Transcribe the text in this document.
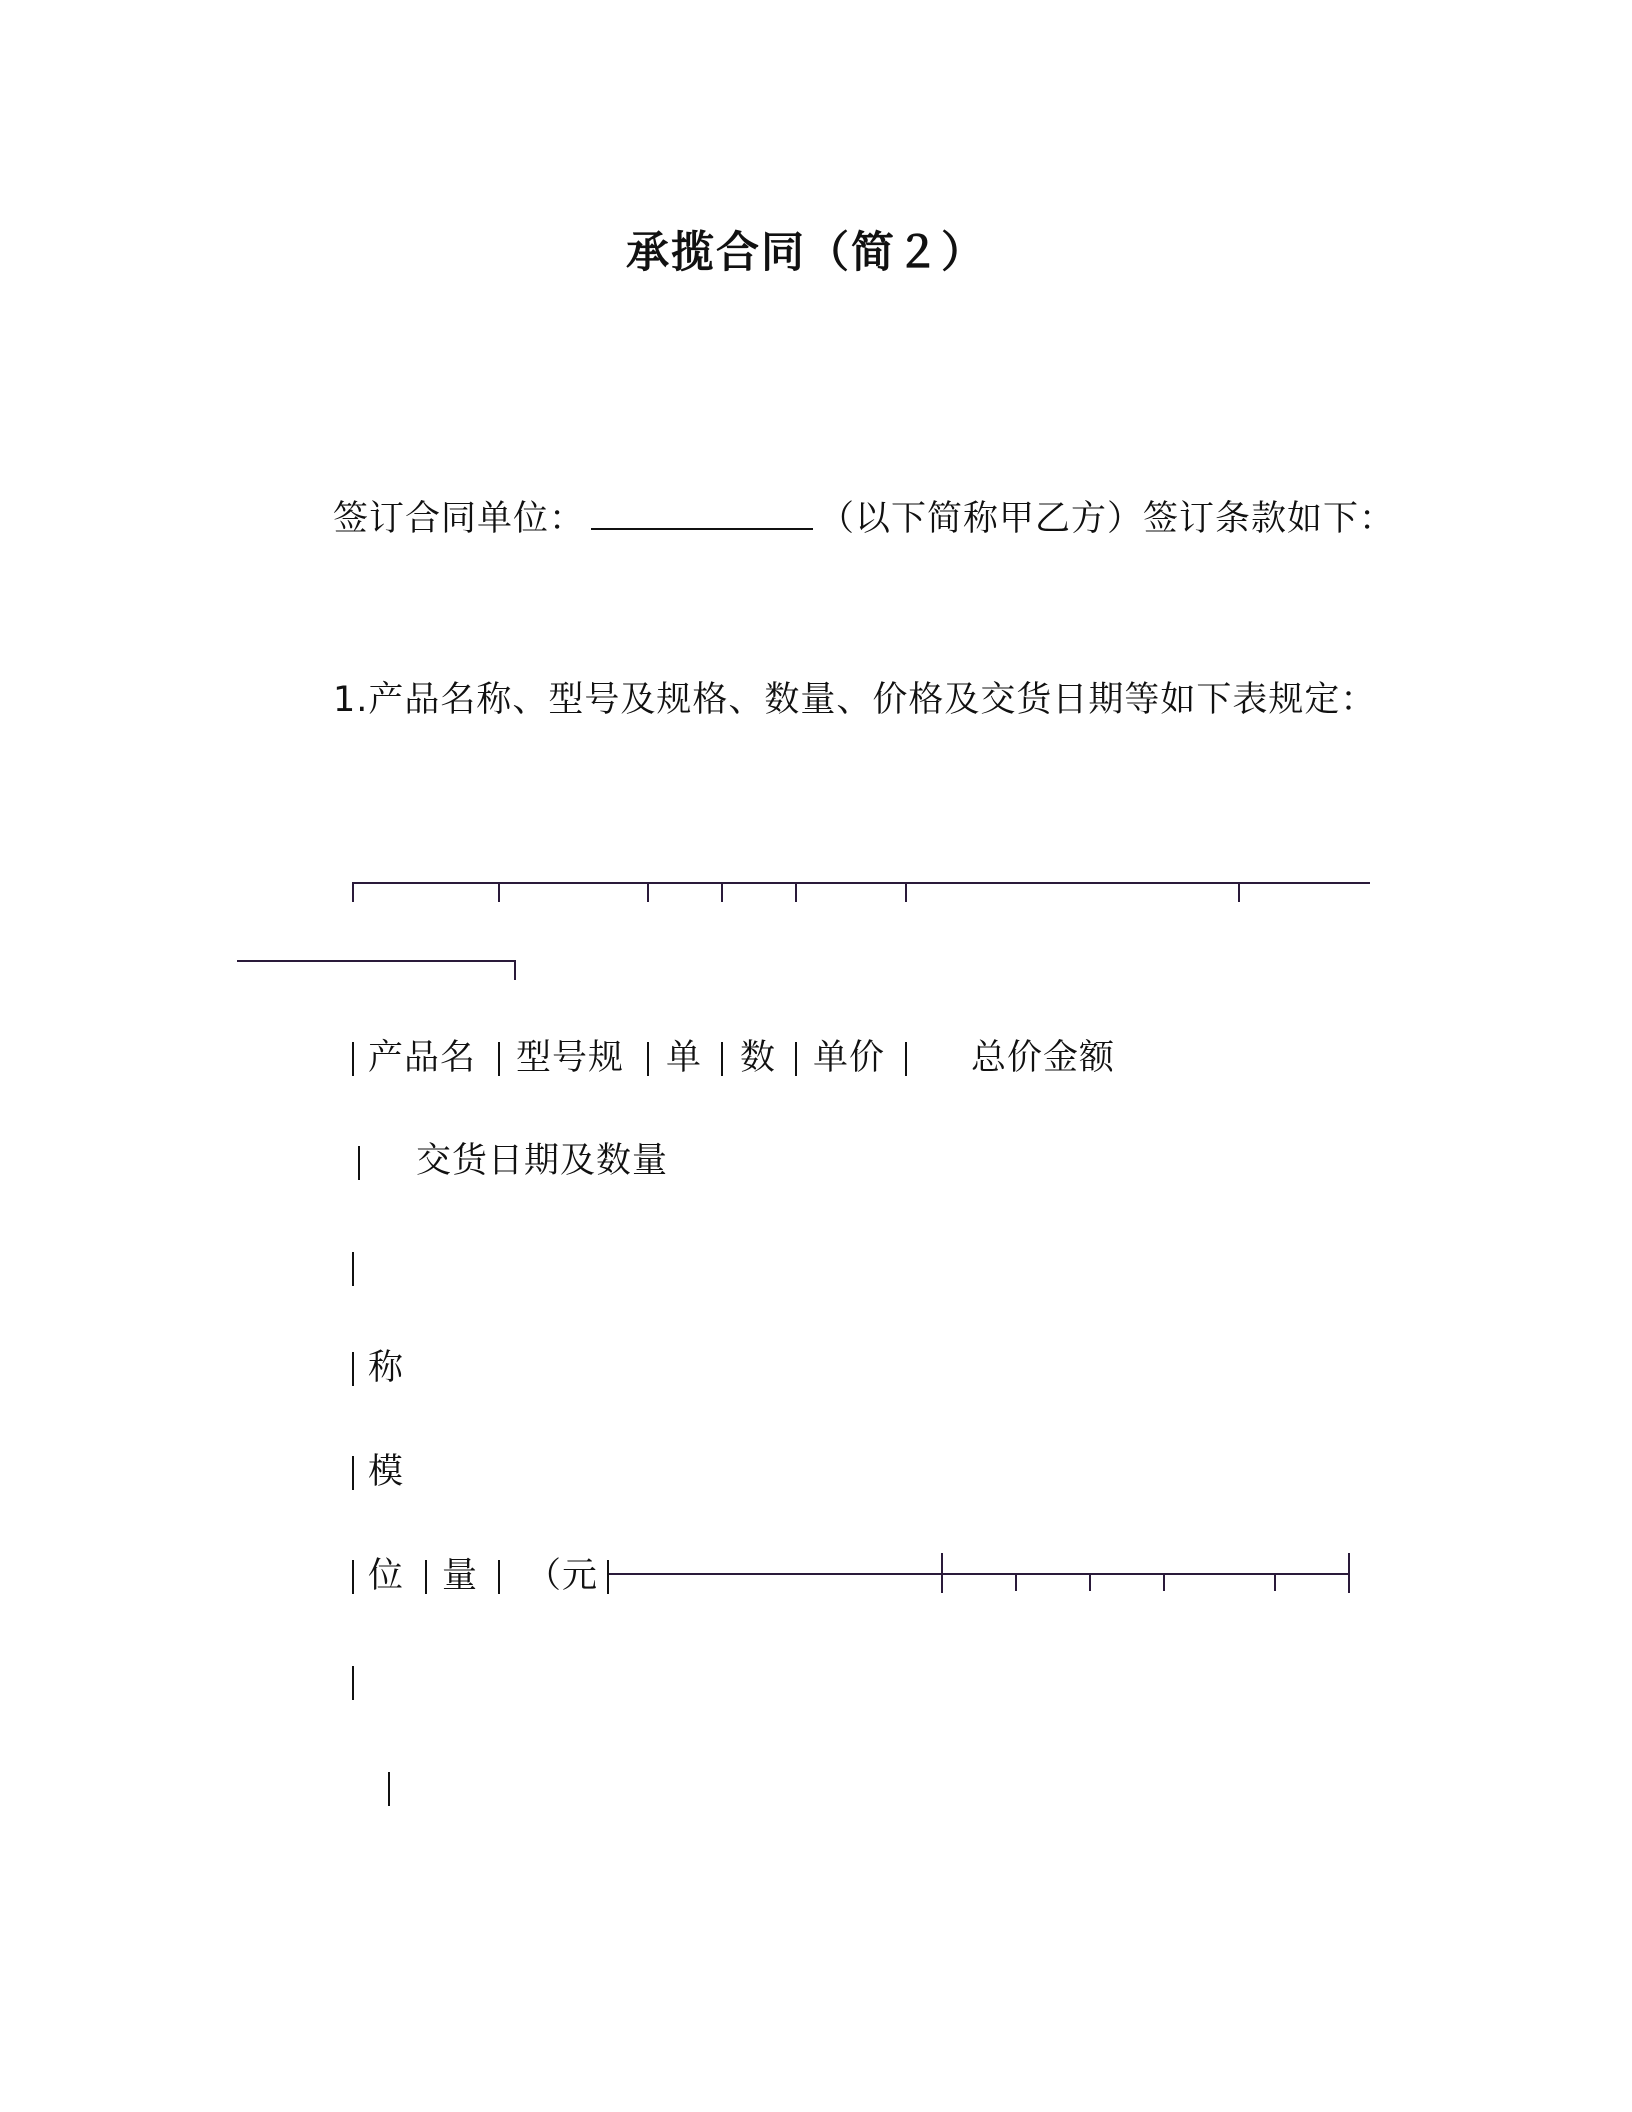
承揽合同（简２）
签订合同单位：	（以下简称甲乙方）签订条款如下：
1.产品名称、型号及规格、数量、价格及交货日期等如下表规定：
产品名 型号规 单 数 单价 总价金额
交货日期及数量
称
模
位 量 （元
